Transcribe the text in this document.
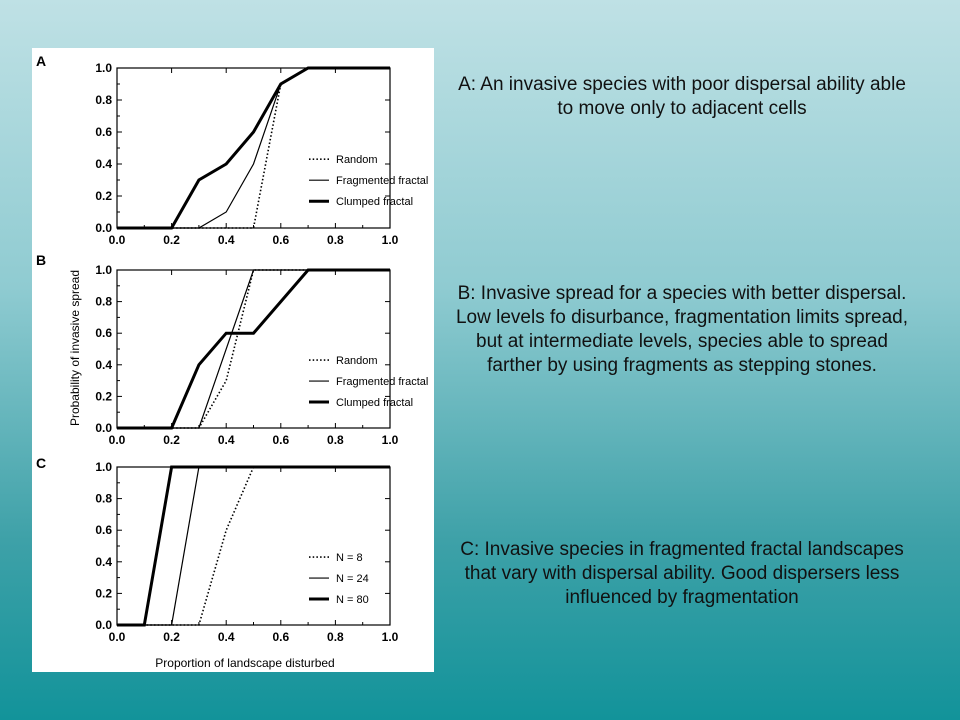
A
0.0	0.2	0.4	0.6	0.8	1.0
0.0
0.2
0.4
0.6
0.8
1.0
Random
Fragmented fractal
Clumped fractal
B
Probability of invasive spread
0.0	0.2	0.4	0.6	0.8	1.0
0.0
0.2
0.4
0.6
0.8
1.0
Random
Fragmented fractal
Clumped fractal
C
Proportion of landscape disturbed
0.0	0.2	0.4	0.6	0.8	1.0
0.0
0.2
0.4
0.6
0.8
1.0
N = 8
N = 24
N = 80
A: An invasive species with poor dispersal ability able to move only to adjacent cells
B: Invasive spread for a species with better dispersal. Low levels fo disurbance, fragmentation limits spread, but at intermediate levels, species able to spread farther by using fragments as stepping stones.
C: Invasive species in fragmented fractal landscapes that vary with dispersal ability. Good dispersers less influenced by fragmentation
